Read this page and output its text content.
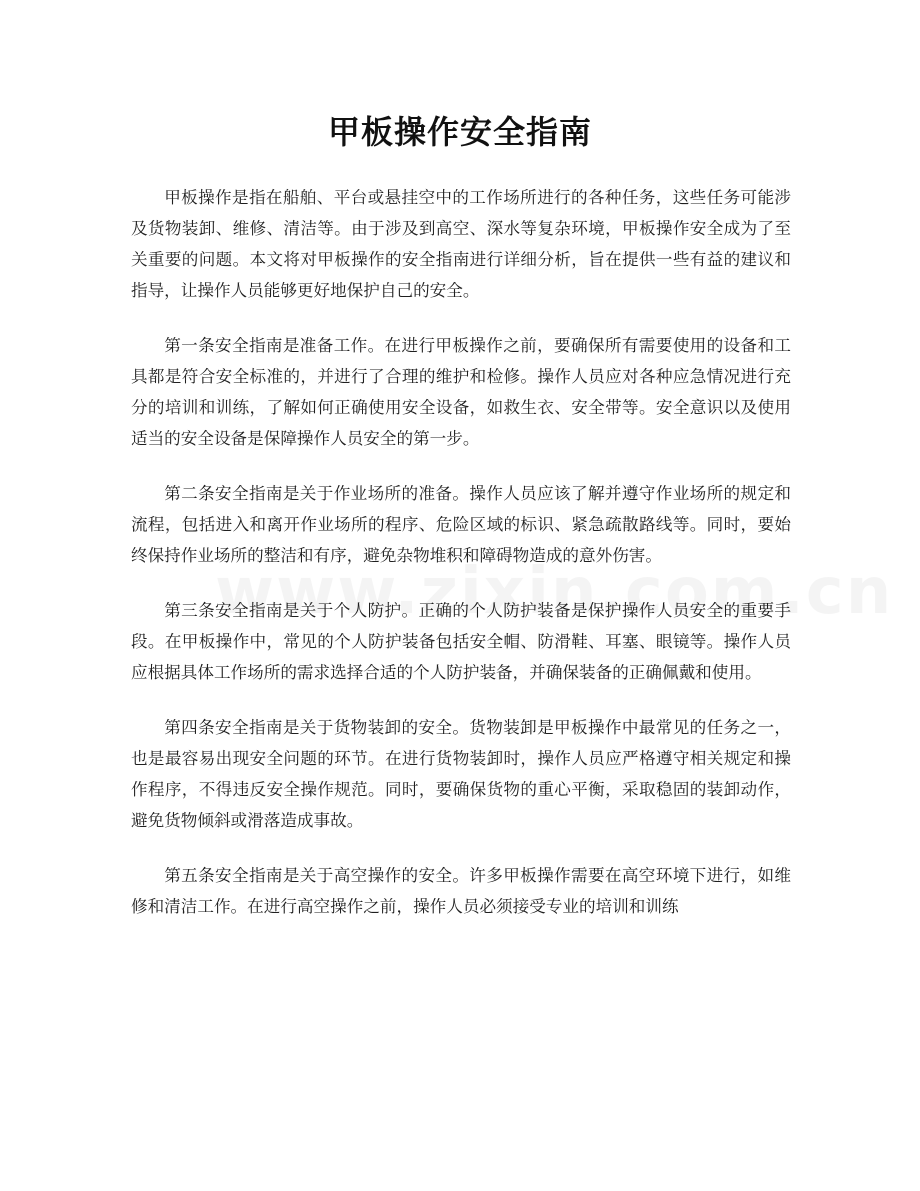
甲板操作安全指南

甲板操作是指在船舶、平台或悬挂空中的工作场所进行的各种任务，这些任务可能涉及货物装卸、维修、清洁等。由于涉及到高空、深水等复杂环境，甲板操作安全成为了至关重要的问题。本文将对甲板操作的安全指南进行详细分析，旨在提供一些有益的建议和指导，让操作人员能够更好地保护自己的安全。

第一条安全指南是准备工作。在进行甲板操作之前，要确保所有需要使用的设备和工具都是符合安全标准的，并进行了合理的维护和检修。操作人员应对各种应急情况进行充分的培训和训练，了解如何正确使用安全设备，如救生衣、安全带等。安全意识以及使用适当的安全设备是保障操作人员安全的第一步。

第二条安全指南是关于作业场所的准备。操作人员应该了解并遵守作业场所的规定和流程，包括进入和离开作业场所的程序、危险区域的标识、紧急疏散路线等。同时，要始终保持作业场所的整洁和有序，避免杂物堆积和障碍物造成的意外伤害。

第三条安全指南是关于个人防护。正确的个人防护装备是保护操作人员安全的重要手段。在甲板操作中，常见的个人防护装备包括安全帽、防滑鞋、耳塞、眼镜等。操作人员应根据具体工作场所的需求选择合适的个人防护装备，并确保装备的正确佩戴和使用。

第四条安全指南是关于货物装卸的安全。货物装卸是甲板操作中最常见的任务之一，也是最容易出现安全问题的环节。在进行货物装卸时，操作人员应严格遵守相关规定和操作程序，不得违反安全操作规范。同时，要确保货物的重心平衡，采取稳固的装卸动作，避免货物倾斜或滑落造成事故。

第五条安全指南是关于高空操作的安全。许多甲板操作需要在高空环境下进行，如维修和清洁工作。在进行高空操作之前，操作人员必须接受专业的培训和训练
